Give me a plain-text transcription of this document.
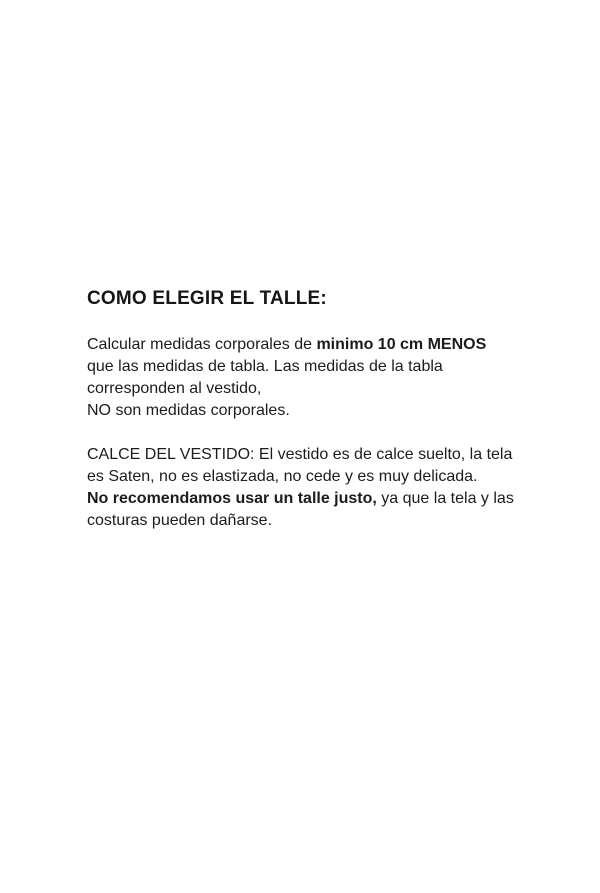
COMO ELEGIR EL TALLE:

Calcular medidas corporales de minimo 10 cm MENOS que las medidas de tabla. Las medidas de la tabla corresponden al vestido,
NO son medidas corporales.

CALCE DEL VESTIDO: El vestido es de calce suelto, la tela es Saten, no es elastizada, no cede y es muy delicada.
No recomendamos usar un talle justo, ya que la tela y las costuras pueden dañarse.
